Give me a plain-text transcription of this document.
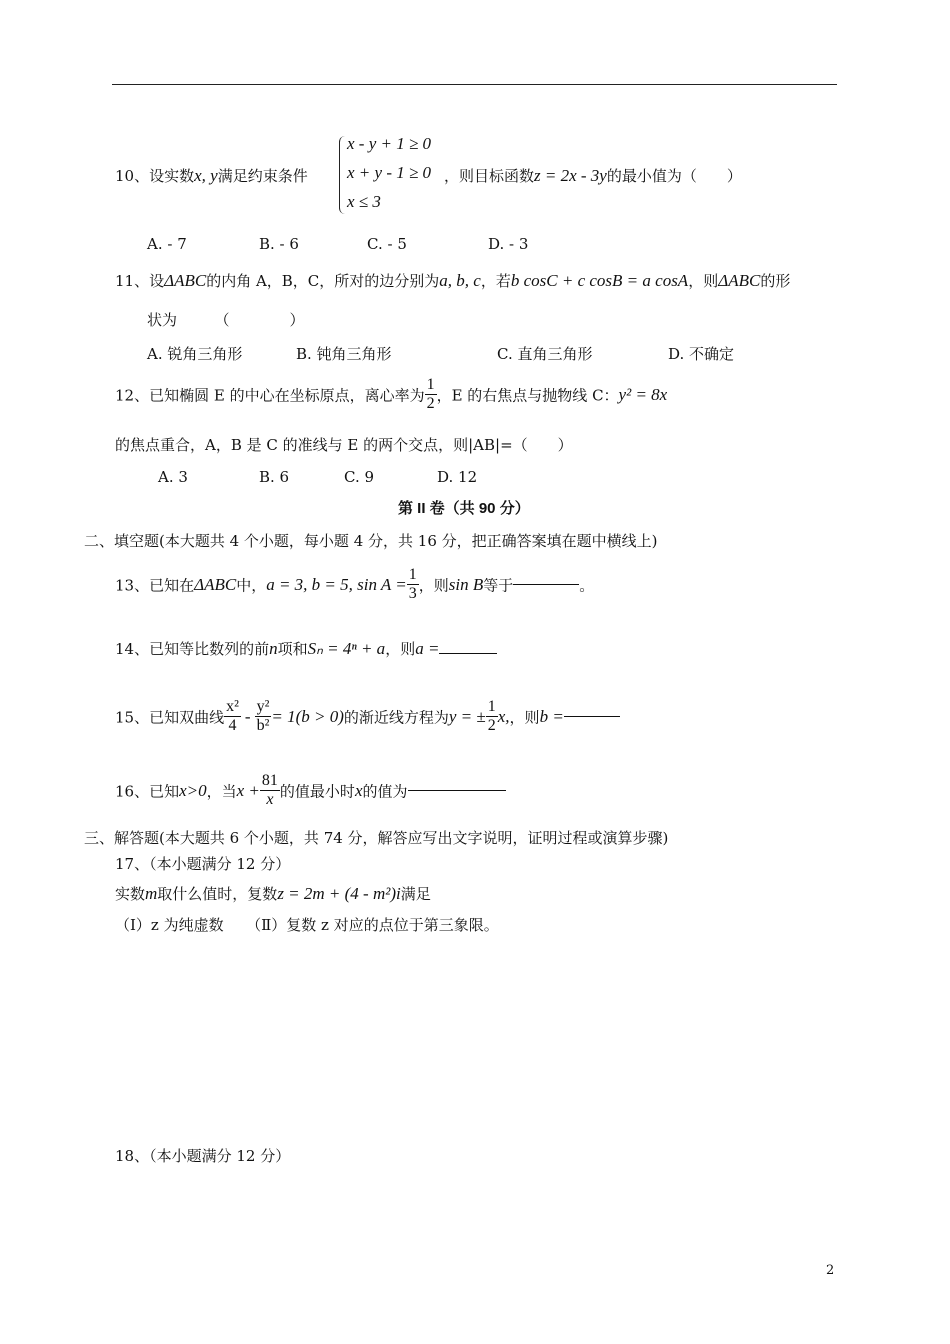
10、设实数x, y满足约束条件
x - y + 1 ≥ 0
x + y - 1 ≥ 0
x ≤ 3
，则目标函数z = 2x - 3y的最小值为（　　）
A. - 7	B. - 6	C. - 5	D. - 3
11、设ΔABC的内角 A，B，C，所对的边分别为a, b, c，若b cosC + c cosB = a cosA，则ΔABC的形
状为　　　（　　　　）
A. 锐角三角形	B. 钝角三角形	C. 直角三角形	D. 不确定
12、已知椭圆 E 的中心在坐标原点，离心率为 $\frac{1}{2}$ ，E 的右焦点与抛物线 C：y² = 8x
的焦点重合，A，B 是 C 的准线与 E 的两个交点，则|AB|=（　　）
A. 3	B. 6	C. 9	D. 12
第 II 卷（共 90 分）
二、填空题(本大题共 4 个小题，每小题 4 分，共 16 分，把正确答案填在题中横线上)
13、已知在ΔABC中，a = 3, b = 5, $\sin A = \frac{1}{3}$ ，则sin B等于	。
14、已知等比数列的前n项和Sₙ = 4ⁿ + a，则a =
15、已知双曲线 $\frac{\text{x²}}{4} - \frac{\text{y²}}{\text{b²}} = 1(b > 0)$的渐近线方程为y = ± $\frac{1}{2} x$,，则b =
16、已知x>0，当$x + \frac{81}{x}$ 的值最小时x的值为
三、解答题(本大题共 6 个小题，共 74 分，解答应写出文字说明，证明过程或演算步骤)
17、（本小题满分 12 分）
实数m取什么值时，复数z = 2m + (4 - m²)i满足
（Ⅰ）z 为纯虚数　　（Ⅱ）复数 z 对应的点位于第三象限。
18、（本小题满分 12 分）
2
